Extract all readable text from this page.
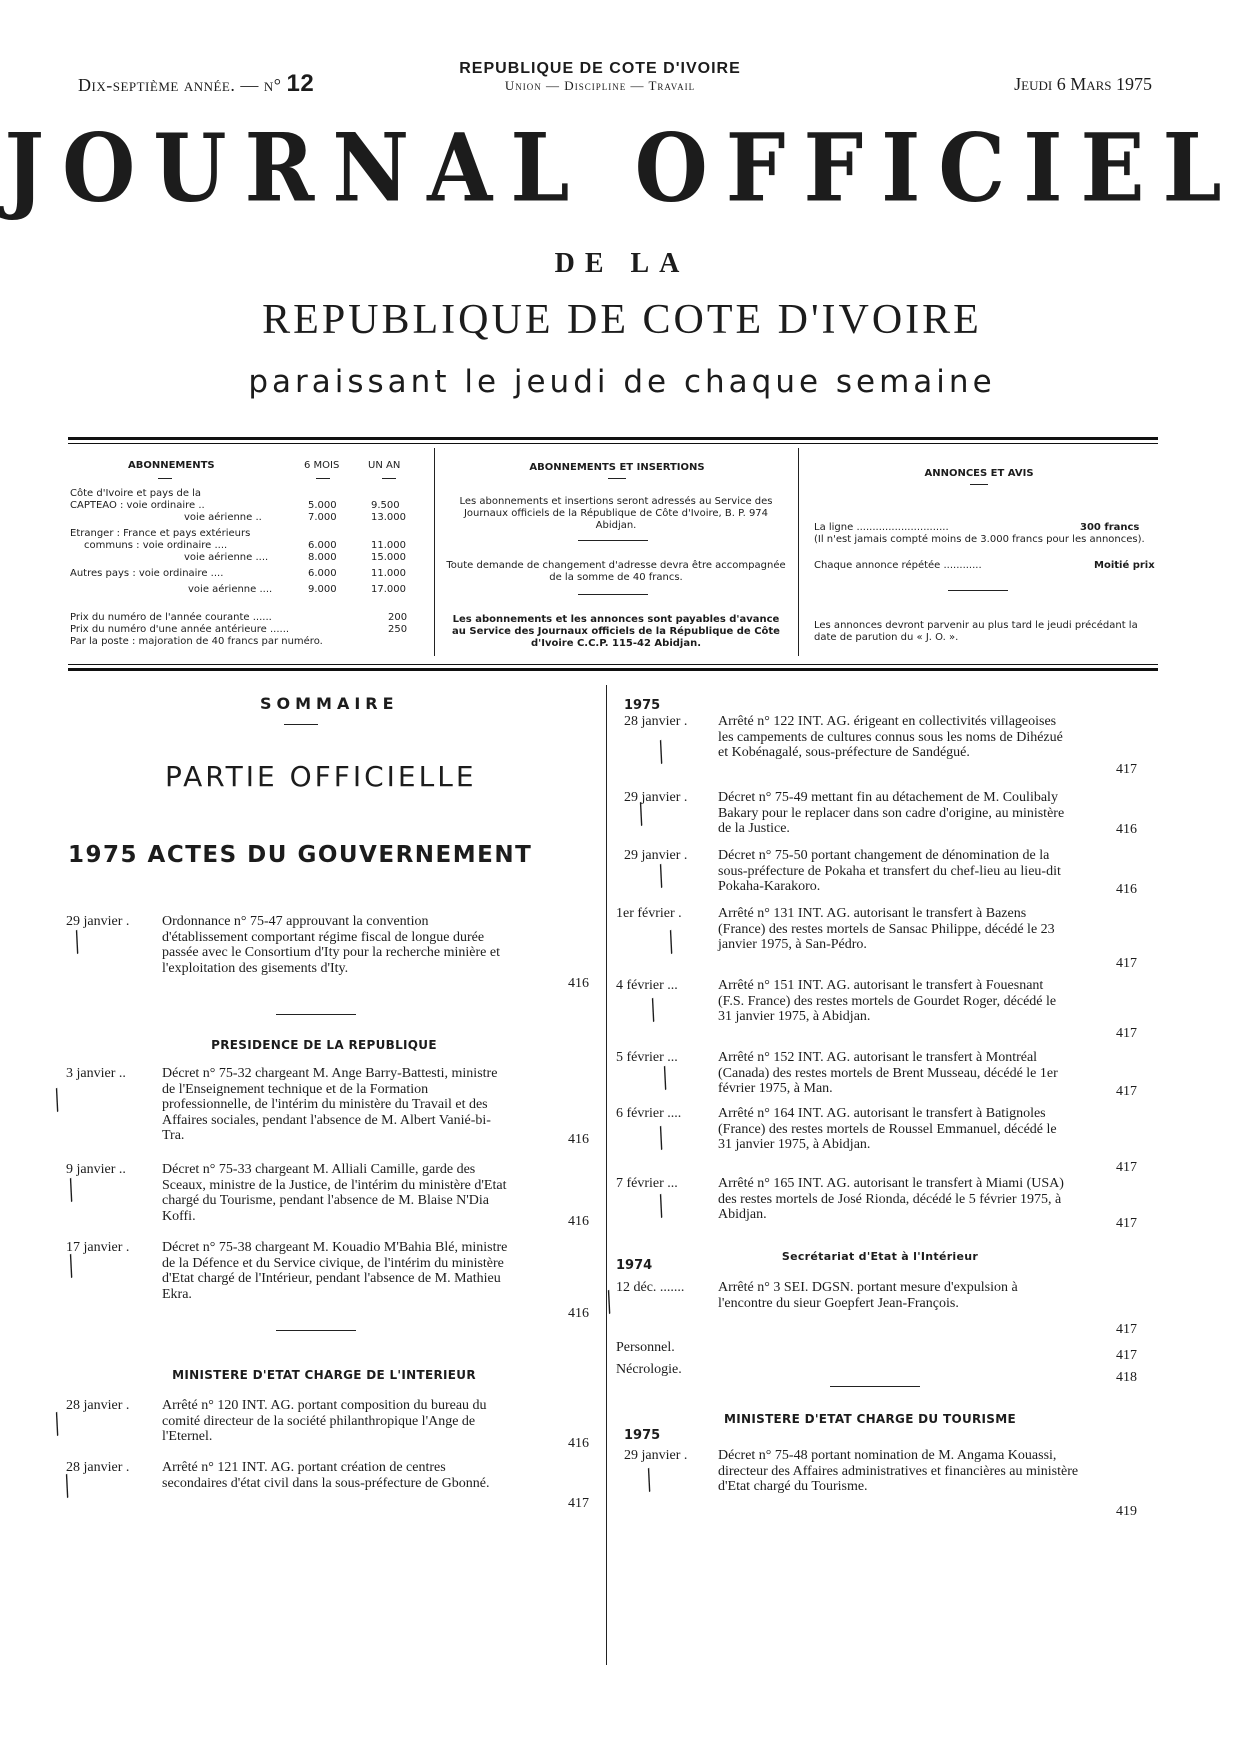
Dix-septième année. — n° 12
REPUBLIQUE DE COTE D'IVOIRE
Union — Discipline — Travail	Jeudi 6 Mars 1975
JOURNAL OFFICIEL
DE LA
REPUBLIQUE DE COTE D'IVOIRE
paraissant le jeudi de chaque semaine
ABONNEMENTS	6 MOIS	UN AN
Côte d'Ivoire et pays de la
CAPTEAO : voie ordinaire ..	5.000	9.500
voie aérienne ..	7.000	13.000
Etranger : France et pays extérieurs
communs : voie ordinaire ....	6.000	11.000
voie aérienne ....	8.000	15.000
Autres pays : voie ordinaire ....	6.000	11.000
voie aérienne ....	9.000	17.000
Prix du numéro de l'année courante ......	200
Prix du numéro d'une année antérieure ......	250
Par la poste : majoration de 40 francs par numéro.
ABONNEMENTS ET INSERTIONS
Les abonnements et insertions seront adressés au Service des Journaux officiels de la République de Côte d'Ivoire, B. P. 974 Abidjan.
Toute demande de changement d'adresse devra être accompagnée de la somme de 40 francs.
Les abonnements et les annonces sont payables d'avance au Service des Journaux officiels de la République de Côte d'Ivoire C.C.P. 115-42 Abidjan.
ANNONCES ET AVIS
La ligne .............................	300 francs
(Il n'est jamais compté moins de 3.000 francs pour les annonces).
Chaque annonce répétée ............	Moitié prix
Les annonces devront parvenir au plus tard le jeudi précédant la date de parution du « J. O. ».
SOMMAIRE
PARTIE OFFICIELLE
1975 ACTES DU GOUVERNEMENT
29 janvier . Ordonnance n° 75-47 approuvant la convention d'établissement comportant régime fiscal de longue durée passée avec le Consortium d'Ity pour la recherche minière et l'exploitation des gisements d'Ity.
416
╱
PRESIDENCE DE LA REPUBLIQUE
3 janvier ..	Décret n° 75-32 chargeant M. Ange Barry-Battesti, ministre de l'Enseignement technique et de la Formation professionnelle, de l'intérim du ministère du Travail et des Affaires sociales, pendant l'absence de M. Albert Vanié-bi-Tra.	416
╱
9 janvier ..	Décret n° 75-33 chargeant M. Alliali Camille, garde des Sceaux, ministre de la Justice, de l'intérim du ministère d'Etat chargé du Tourisme, pendant l'absence de M. Blaise N'Dia Koffi.	416
╱
17 janvier . Décret n° 75-38 chargeant M. Kouadio M'Bahia Blé, ministre de la Défence et du Service civique, de l'intérim du ministère d'Etat chargé de l'Intérieur, pendant l'absence de M. Mathieu Ekra.
416
╱
MINISTERE D'ETAT CHARGE DE L'INTERIEUR
28 janvier . Arrêté n° 120 INT. AG. portant composition du bureau du comité directeur de la société philanthropique l'Ange de l'Eternel.	416
╱
28 janvier . Arrêté n° 121 INT. AG. portant création de centres secondaires d'état civil dans la sous-préfecture de Gbonné.
417
╱
1975
28 janvier . Arrêté n° 122 INT. AG. érigeant en collectivités villageoises les campements de cultures connus sous les noms de Dihézué et Kobénagalé, sous-préfecture de Sandégué.
417
╱
29 janvier . Décret n° 75-49 mettant fin au détachement de M. Coulibaly Bakary pour le replacer dans son cadre d'origine, au ministère de la Justice.	416
╱
29 janvier . Décret n° 75-50 portant changement de dénomination de la sous-préfecture de Pokaha et transfert du chef-lieu au lieu-dit Pokaha-Karakoro.	416
╱
1er février .	Arrêté n° 131 INT. AG. autorisant le transfert à Bazens (France) des restes mortels de Sansac Philippe, décédé le 23 janvier 1975, à San-Pédro.
417
╱
4 février ...	Arrêté n° 151 INT. AG. autorisant le transfert à Fouesnant (F.S. France) des restes mortels de Gourdet Roger, décédé le 31 janvier 1975, à Abidjan.
417
╱
5 février ...	Arrêté n° 152 INT. AG. autorisant le transfert à Montréal (Canada) des restes mortels de Brent Musseau, décédé le 1er février 1975, à Man.	417
╱
6 février ....	Arrêté n° 164 INT. AG. autorisant le transfert à Batignoles (France) des restes mortels de Roussel Emmanuel, décédé le 31 janvier 1975, à Abidjan.
417
╱
7 février ...	Arrêté n° 165 INT. AG. autorisant le transfert à Miami (USA) des restes mortels de José Rionda, décédé le 5 février 1975, à Abidjan.
417
╱
Secrétariat d'Etat à l'Intérieur
1974
12 déc. ....... Arrêté n° 3 SEI. DGSN. portant mesure d'expulsion à l'encontre du sieur Goepfert Jean-François.
417
╱
Personnel.
417
Nécrologie.
418
MINISTERE D'ETAT CHARGE DU TOURISME
1975
29 janvier . Décret n° 75-48 portant nomination de M. Angama Kouassi, directeur des Affaires administratives et financières au ministère d'Etat chargé du Tourisme.
419
╱
